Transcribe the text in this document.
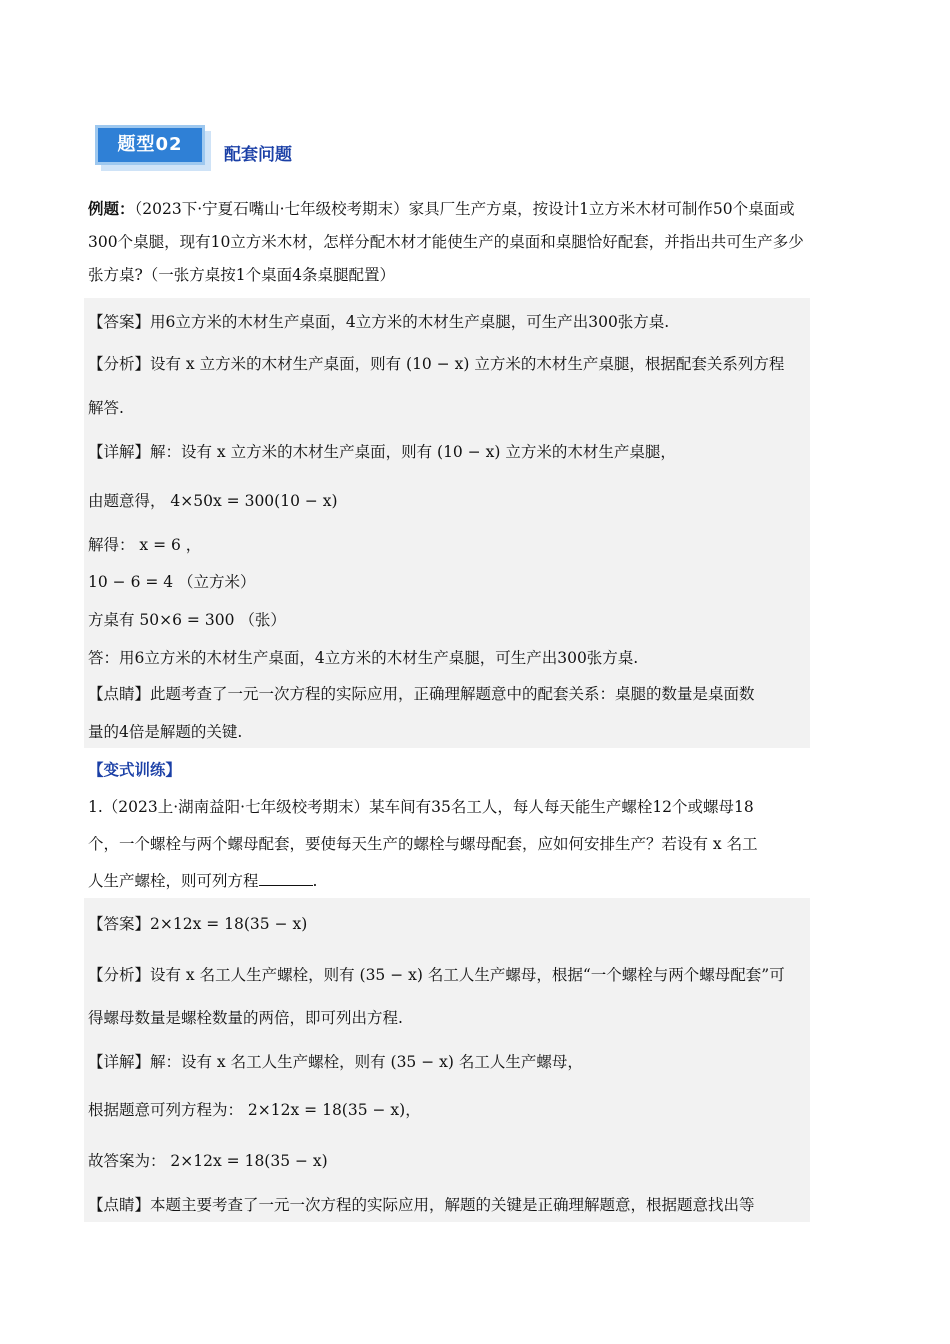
题型02	配套问题
例题：（2023下·宁夏石嘴山·七年级校考期末）家具厂生产方桌，按设计1立方米木材可制作50个桌面或300个桌腿，现有10立方米木材，怎样分配木材才能使生产的桌面和桌腿恰好配套，并指出共可生产多少张方桌?（一张方桌按1个桌面4条桌腿配置）
【答案】用6立方米的木材生产桌面，4立方米的木材生产桌腿，可生产出300张方桌.
【分析】设有 x 立方米的木材生产桌面，则有 (10 − x) 立方米的木材生产桌腿，根据配套关系列方程
解答.
【详解】解：设有 x 立方米的木材生产桌面，则有 (10 − x) 立方米的木材生产桌腿，
由题意得， 4×50x = 300(10 − x)
解得： x = 6 ，
10 − 6 = 4 （立方米）
方桌有 50×6 = 300 （张）
答：用6立方米的木材生产桌面，4立方米的木材生产桌腿，可生产出300张方桌.
【点睛】此题考查了一元一次方程的实际应用，正确理解题意中的配套关系：桌腿的数量是桌面数
量的4倍是解题的关键.
【变式训练】
1.（2023上·湖南益阳·七年级校考期末）某车间有35名工人，每人每天能生产螺栓12个或螺母18
个，一个螺栓与两个螺母配套，要使每天生产的螺栓与螺母配套，应如何安排生产？若设有 x 名工
人生产螺栓，则可列方程	.
【答案】2×12x = 18(35 − x)
【分析】设有 x 名工人生产螺栓，则有 (35 − x) 名工人生产螺母，根据“一个螺栓与两个螺母配套”可
得螺母数量是螺栓数量的两倍，即可列出方程.
【详解】解：设有 x 名工人生产螺栓，则有 (35 − x) 名工人生产螺母，
根据题意可列方程为： 2×12x = 18(35 − x)，
故答案为： 2×12x = 18(35 − x)
【点睛】本题主要考查了一元一次方程的实际应用，解题的关键是正确理解题意，根据题意找出等
